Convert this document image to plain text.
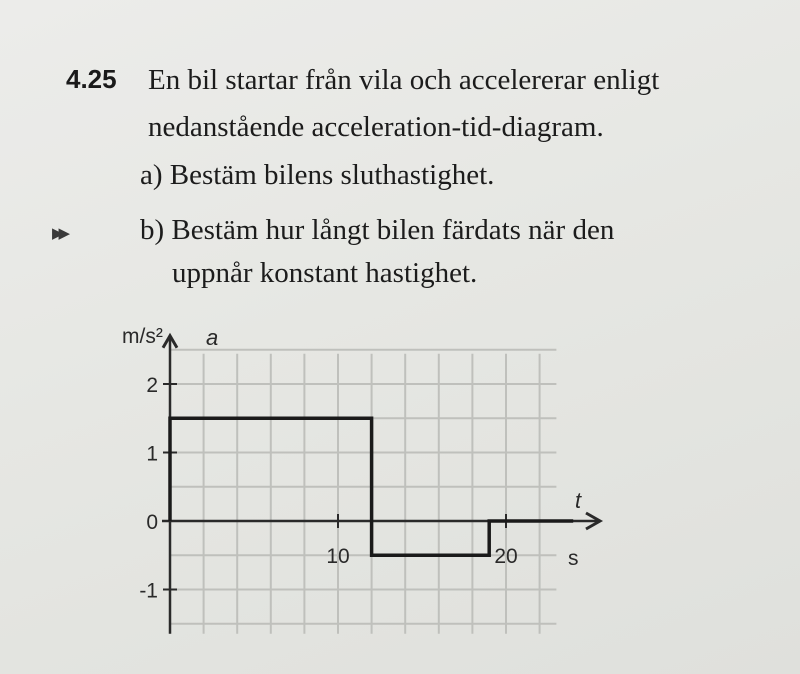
4.25 En bil startar från vila och accelererar enligt
nedanstående acceleration-tid-diagram.
a) Bestäm bilens sluthastighet.
▶▶	b) Bestäm hur långt bilen färdats när den
uppnår konstant hastighet.
2
1
0
-1
10	20
m/s² a
t
s
